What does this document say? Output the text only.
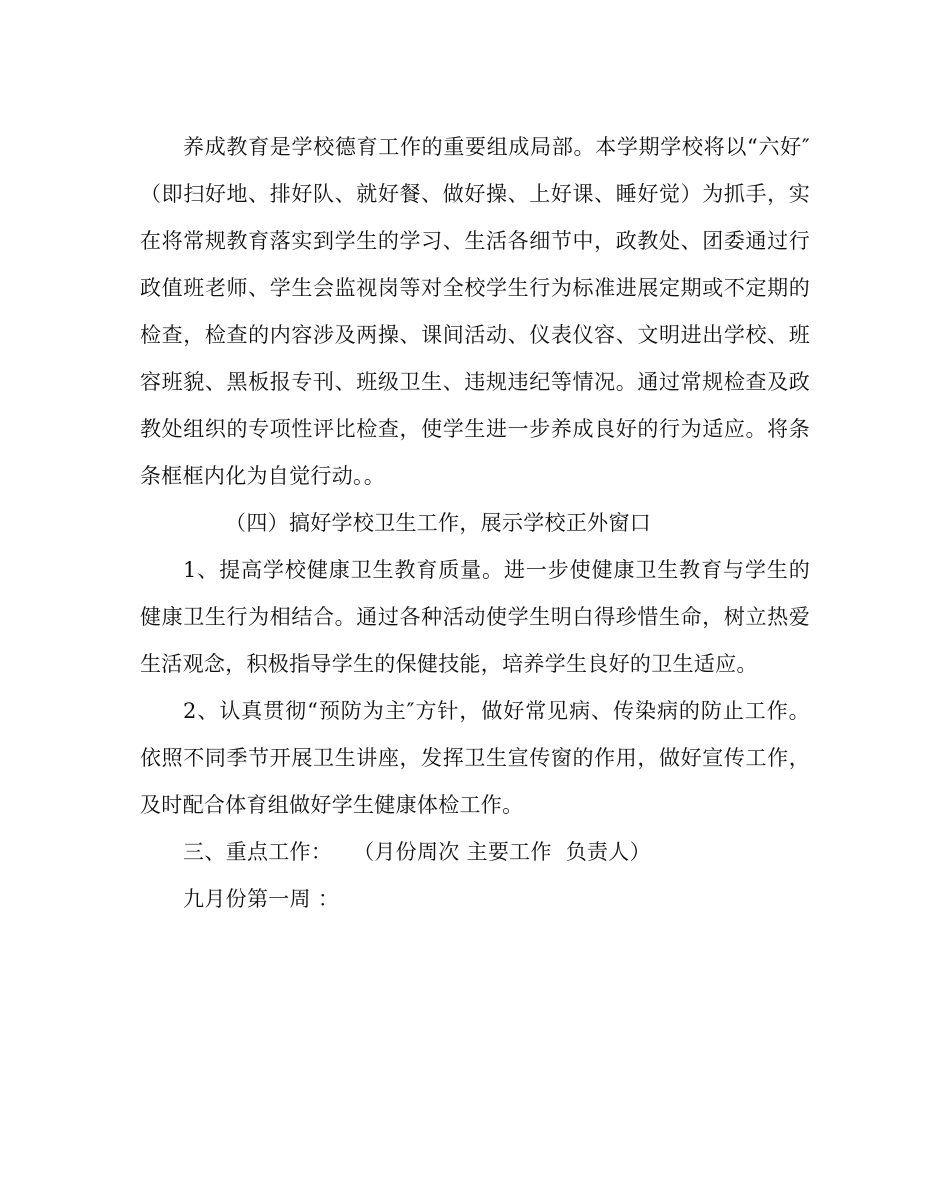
养成教育是学校德育工作的重要组成局部。本学期学校将以“六好″（即扫好地、排好队、就好餐、做好操、上好课、睡好觉）为抓手，实在将常规教育落实到学生的学习、生活各细节中，政教处、团委通过行政值班老师、学生会监视岗等对全校学生行为标准进展定期或不定期的检查，检查的内容涉及两操、课间活动、仪表仪容、文明进出学校、班容班貌、黑板报专刊、班级卫生、违规违纪等情况。通过常规检查及政教处组织的专项性评比检查，使学生进一步养成良好的行为适应。将条条框框内化为自觉行动。。

（四）搞好学校卫生工作，展示学校正外窗口

1、提高学校健康卫生教育质量。进一步使健康卫生教育与学生的健康卫生行为相结合。通过各种活动使学生明白得珍惜生命，树立热爱生活观念，积极指导学生的保健技能，培养学生良好的卫生适应。

2、认真贯彻“预防为主″方针，做好常见病、传染病的防止工作。依照不同季节开展卫生讲座，发挥卫生宣传窗的作用，做好宣传工作，及时配合体育组做好学生健康体检工作。

三、重点工作：   （月份周次 主要工作  负责人）

九月份第一周 ：
